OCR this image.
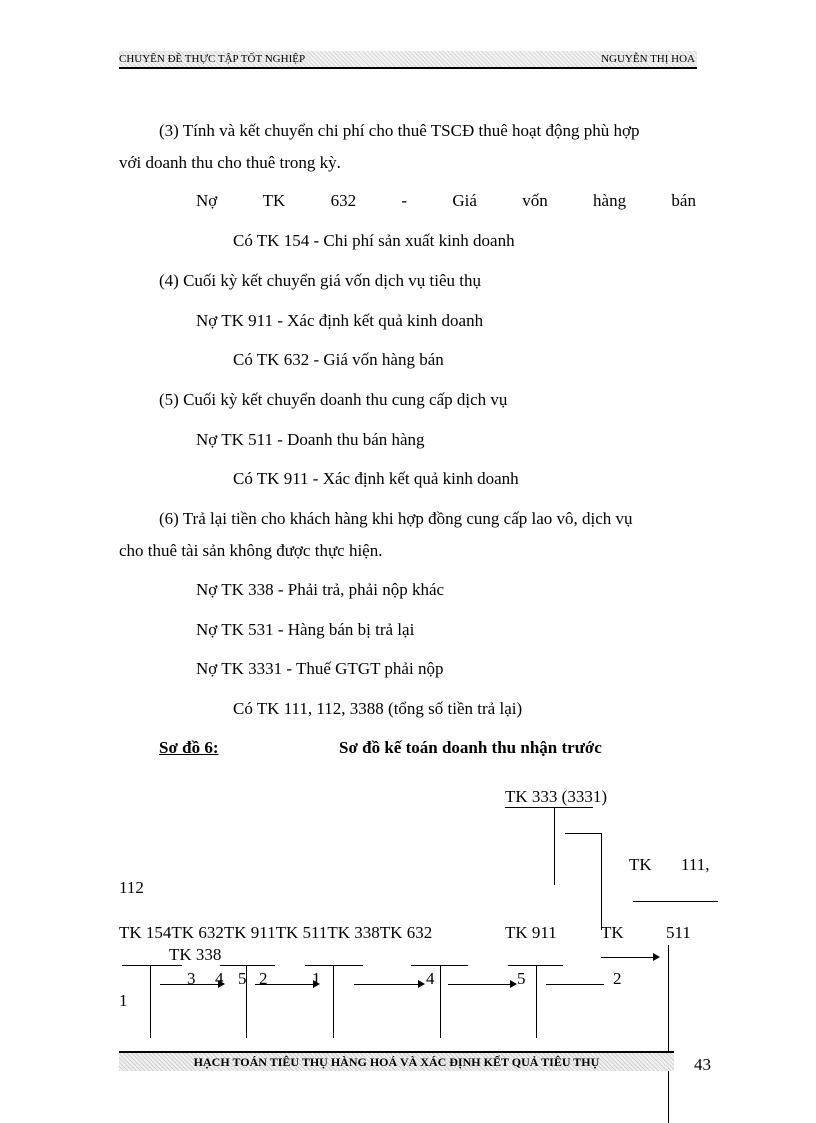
CHUYÊN ĐỀ THỰC TẬP TỐT NGHIỆP	NGUYỄN THỊ HOA
(3) Tính và kết chuyển chi phí cho thuê TSCĐ thuê hoạt động phù hợp
với doanh thu cho thuê trong kỳ.
Nợ	TK	632	-	Giá	vốn	hàng	bán
Có TK 154 - Chi phí sản xuất kinh doanh
(4) Cuối kỳ kết chuyển giá vốn dịch vụ tiêu thụ
Nợ TK 911 - Xác định kết quả kinh doanh
Có TK 632 - Giá vốn hàng bán
(5) Cuối kỳ kết chuyển doanh thu cung cấp dịch vụ
Nợ TK 511 - Doanh thu bán hàng
Có TK 911 - Xác định kết quả kinh doanh
(6) Trả lại tiền cho khách hàng khi hợp đồng cung cấp lao vô, dịch vụ
cho thuê tài sản không được thực hiện.
Nợ TK 338 - Phải trả, phải nộp khác
Nợ TK 531 - Hàng bán bị trả lại
Nợ TK 3331 - Thuế GTGT phải nộp
Có TK 111, 112, 3388 (tổng số tiền trả lại)
Sơ đồ 6:	Sơ đồ kế toán doanh thu nhận trước
TK 333 (3331)
TK 111,
112
TK 154TK 632TK 911TK 511TK 338TK 632	TK 911	TK 511
TK 338
3 4 5 2	1	4	5	2
1
HẠCH TOÁN TIÊU THỤ HÀNG HOÁ VÀ XÁC ĐỊNH KẾT QUẢ TIÊU THỤ	43
